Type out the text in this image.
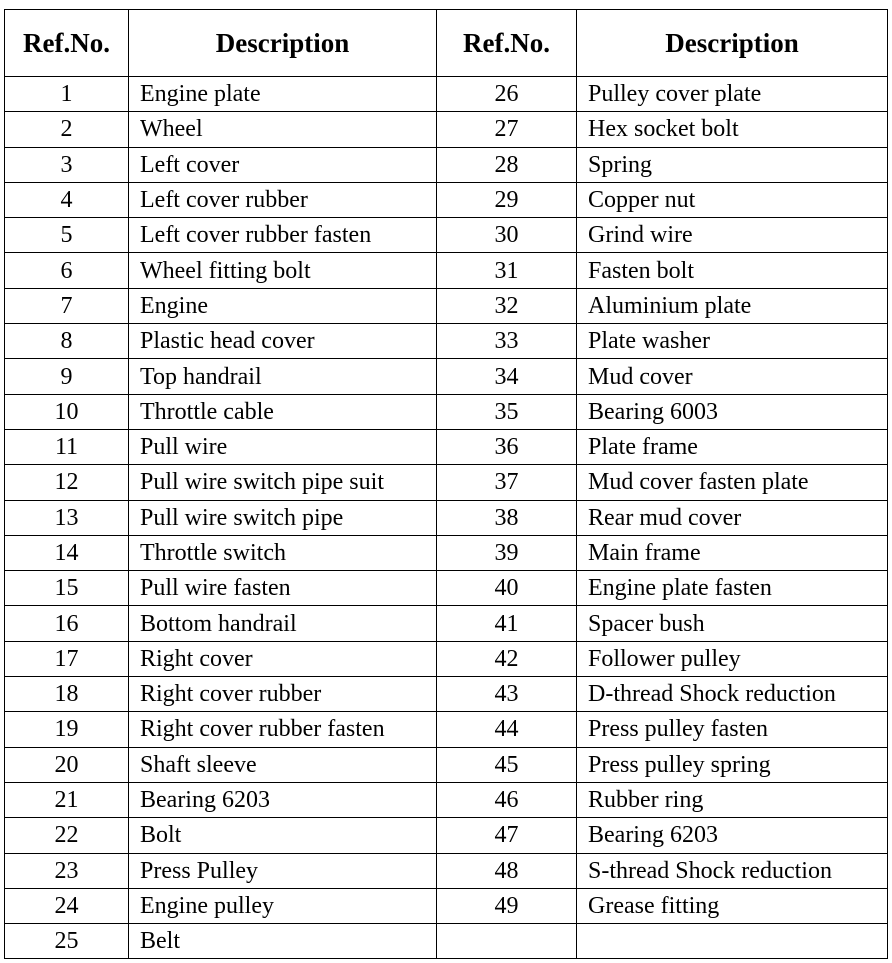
Ref.No.	Description	Ref.No.	Description
1	Engine plate	26	Pulley cover plate
2	Wheel	27	Hex socket bolt
3	Left cover	28	Spring
4	Left cover rubber	29	Copper nut
5	Left cover rubber fasten	30	Grind wire
6	Wheel fitting bolt	31	Fasten bolt
7	Engine	32	Aluminium plate
8	Plastic head cover	33	Plate washer
9	Top handrail	34	Mud cover
10	Throttle cable	35	Bearing 6003
11	Pull wire	36	Plate frame
12	Pull wire switch pipe suit	37	Mud cover fasten plate
13	Pull wire switch pipe	38	Rear mud cover
14	Throttle switch	39	Main frame
15	Pull wire fasten	40	Engine plate fasten
16	Bottom handrail	41	Spacer bush
17	Right cover	42	Follower pulley
18	Right cover rubber	43	D-thread Shock reduction
19	Right cover rubber fasten	44	Press pulley fasten
20	Shaft sleeve	45	Press pulley spring
21	Bearing 6203	46	Rubber ring
22	Bolt	47	Bearing 6203
23	Press Pulley	48	S-thread Shock reduction
24	Engine pulley	49	Grease fitting
25	Belt		
